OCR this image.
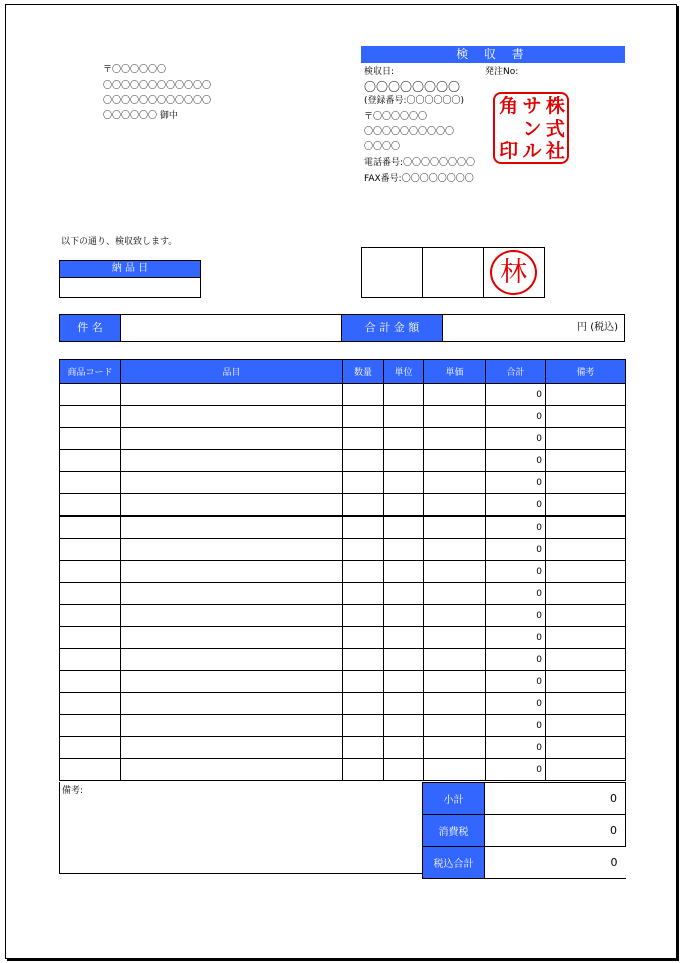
〒〇〇〇〇〇〇
〇〇〇〇〇〇〇〇〇〇〇〇
〇〇〇〇〇〇〇〇〇〇〇〇
〇〇〇〇〇〇 御中
検 収 書
検収日:	発注No:
〇〇〇〇〇〇〇〇
(登録番号:〇〇〇〇〇〇)
〒〇〇〇〇〇〇
〇〇〇〇〇〇〇〇〇〇
〇〇〇〇
電話番号:〇〇〇〇〇〇〇〇
FAX番号:〇〇〇〇〇〇〇〇
角 サ 株
ン 式
印 ル 社
以下の通り、検収致します。
納 品 日	林
件 名	合 計 金 額	円 (税込)
商品コード	品目	数量	単位	単価	合計	備考
					0	
					0	
					0	
					0	
					0	
					0	
					0	
					0	
					0	
					0	
					0	
					0	
					0	
					0	
					0	
					0	
					0	
					0	
備考:
小計	0
消費税	0
税込合計	0
